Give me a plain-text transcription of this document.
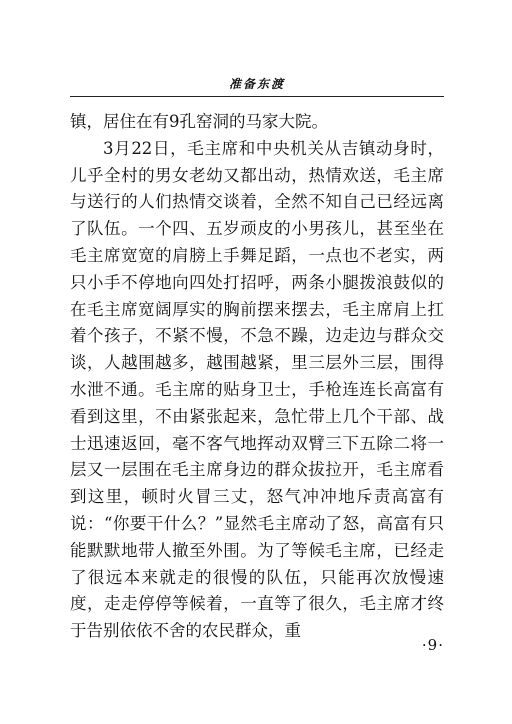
准备东渡

镇，居住在有9孔窑洞的马家大院。

3月22日，毛主席和中央机关从吉镇动身时，儿乎全村的男女老幼又都出动，热情欢送，毛主席与送行的人们热情交谈着，全然不知自己已经远离了队伍。一个四、五岁顽皮的小男孩儿，甚至坐在毛主席宽宽的肩膀上手舞足蹈，一点也不老实，两只小手不停地向四处打招呼，两条小腿拨浪鼓似的在毛主席宽阔厚实的胸前摆来摆去，毛主席肩上扛着个孩子，不紧不慢，不急不躁，边走边与群众交谈，人越围越多，越围越紧，里三层外三层，围得水泄不通。毛主席的贴身卫士，手枪连连长高富有看到这里，不由紧张起来，急忙带上几个干部、战士迅速返回，毫不客气地挥动双臂三下五除二将一层又一层围在毛主席身边的群众拔拉开，毛主席看到这里，顿时火冒三丈，怒气冲冲地斥责高富有说：“你要干什么？”显然毛主席动了怒，高富有只能默默地带人撤至外围。为了等候毛主席，已经走了很远本来就走的很慢的队伍，只能再次放慢速度，走走停停等候着，一直等了很久，毛主席才终于告别依依不舍的农民群众，重

·9·
